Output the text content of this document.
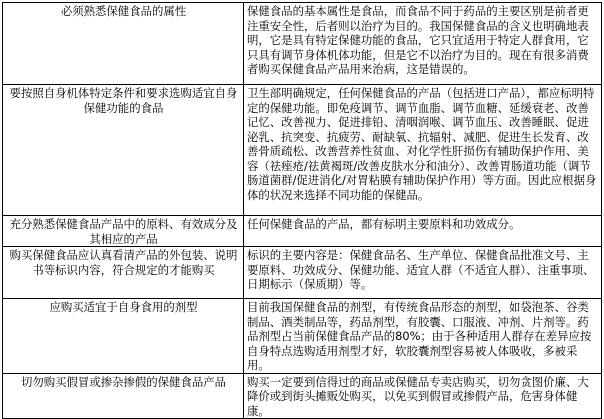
必须熟悉保健食品的属性	保健食品的基本属性是食品，而食品不同于药品的主要区别是前者更注重安全性，后者则以治疗为目的。我国保健食品的含义也明确地表明，它是具有特定保健功能的食品，它只宜适用于特定人群食用，它只具有调节身体机体功能，但是它不以治疗为目的。现在有很多消费者购买保健食品产品用来治病，这是错误的。
要按照自身机体特定条件和要求选购适宜自身保健功能的食品	卫生部明确规定，任何保健食品的产品（包括进口产品），都应标明特定的保健功能。即免疫调节、调节血脂、调节血糖、延缓衰老、改善记忆、改善视力、促进排铅、清咽润喉、调节血压、改善睡眠、促进泌乳、抗突变、抗疲劳、耐缺氧、抗辐射、减肥、促进生长发育、改善骨质疏松、改善营养性贫血、对化学性肝损伤有辅助保护作用、美容（祛痤疮/祛黄褐斑/改善皮肤水分和油分）、改善胃肠道功能（调节肠道菌群/促进消化/对胃粘膜有辅助保护作用）等方面。因此应根据身体的状况来选择不同功能的保健品。
充分熟悉保健食品产品中的原料、有效成分及其相应的产品	任何保健食品的产品，都有标明主要原料和功效成分。
购买保健食品应认真看清产品的外包装、说明书等标识内容，符合规定的才能购买	标识的主要内容是：保健食品名、生产单位、保健食品批准文号、主要原料、功效成分、保健功能、适宜人群（不适宜人群）、注重事项、日期标示（保质期）等。
应购买适宜于自身食用的剂型	目前我国保健食品的剂型，有传统食品形态的剂型，如袋泡茶、谷类制品、酒类制品等，药品剂型，有胶囊、口服液、冲剂、片剂等。药品剂型占当前保健食品产品的80%；由于各种适用人群存在差异应按自身特点选购适用剂型才好，软胶囊剂型容易被人体吸收，多被采用。
切勿购买假冒或掺杂掺假的保健食品产品	购买一定要到信得过的商品或保健品专卖店购买，切勿贪图价廉、大降价或到街头摊贩处购买，以免买到假冒或掺假产品，危害身体健康。
